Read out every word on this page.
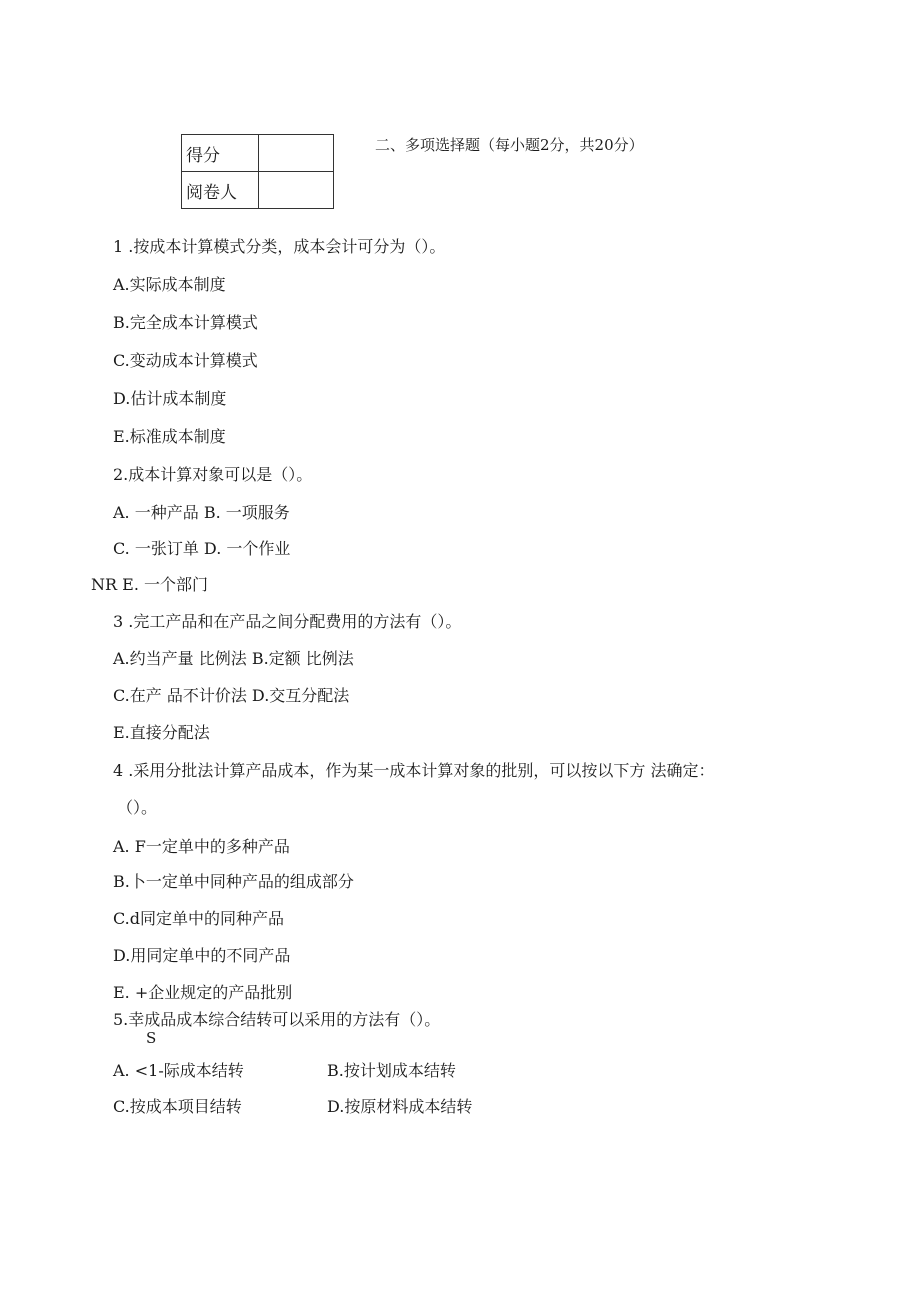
得分	
阅卷人	
二、多项选择题（每小题2分，共20分）
1 .按成本计算模式分类，成本会计可分为（）。
A.实际成本制度
B.完全成本计算模式
C.变动成本计算模式
D.估计成本制度
E.标准成本制度
2.成本计算对象可以是（）。
A. 一种产品 B. 一项服务
C. 一张订单 D. 一个作业
NR E. 一个部门
3 .完工产品和在产品之间分配费用的方法有（）。
A.约当产量 比例法 B.定额 比例法
C.在产 品不计价法 D.交互分配法
E.直接分配法
4 .采用分批法计算产品成本，作为某一成本计算对象的批别，可以按以下方 法确定：
（）。
A. F一定单中的多种产品
B.卜一定单中同种产品的组成部分
C.d同定单中的同种产品
D.用同定单中的不同产品
E. +企业规定的产品批别
5.幸成品成本综合结转可以采用的方法有（）。
S
A. <1-际成本结转	B.按计划成本结转
C.按成本项目结转	D.按原材料成本结转
